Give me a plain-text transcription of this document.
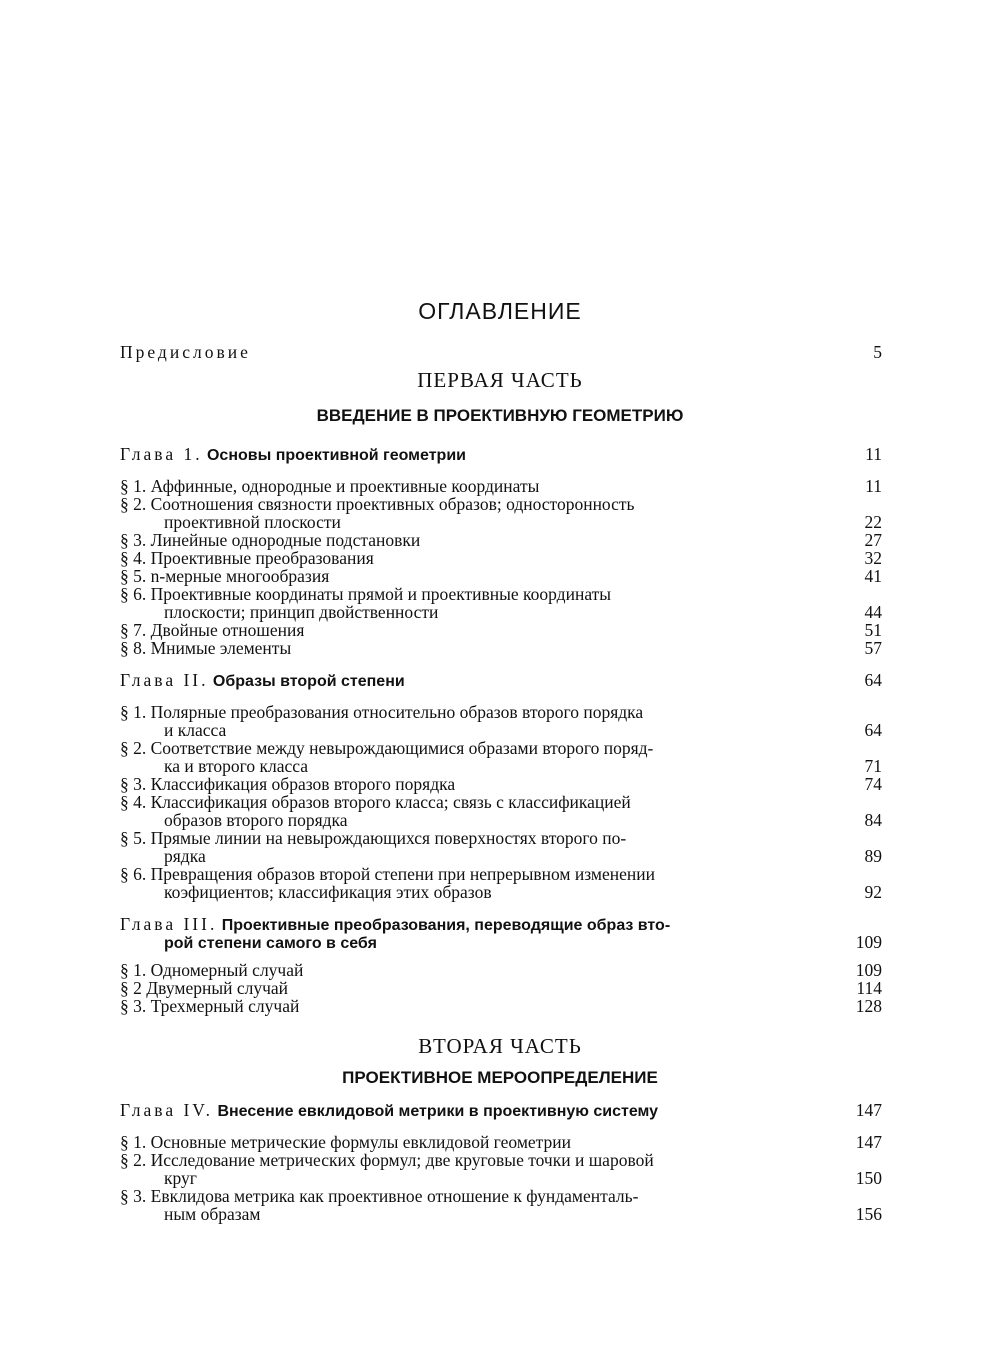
ОГЛАВЛЕНИЕ
Предисловие	5
ПЕРВАЯ ЧАСТЬ
ВВЕДЕНИЕ В ПРОЕКТИВНУЮ ГЕОМЕТРИЮ
Глава 1. Основы проективной геометрии	11
§ 1. Аффинные, однородные и проективные координаты	11
§ 2. Соотношения связности проективных образов; односторонность
проективной плоскости	22
§ 3. Линейные однородные подстановки	27
§ 4. Проективные преобразования	32
§ 5. n-мерные многообразия	41
§ 6. Проективные координаты прямой и проективные координаты
плоскости; принцип двойственности	44
§ 7. Двойные отношения	51
§ 8. Мнимые элементы	57
Глава II. Образы второй степени	64
§ 1. Полярные преобразования относительно образов второго порядка
и класса	64
§ 2. Соответствие между невырождающимися образами второго поряд-
ка и второго класса	71
§ 3. Классификация образов второго порядка	74
§ 4. Классификация образов второго класса; связь с классификацией
образов второго порядка	84
§ 5. Прямые линии на невырождающихся поверхностях второго по-
рядка	89
§ 6. Превращения образов второй степени при непрерывном изменении
коэфициентов; классификация этих образов	92
Глава III. Проективные преобразования, переводящие образ вто-
рой степени самого в себя	109
§ 1. Одномерный случай	109
§ 2 Двумерный случай	114
§ 3. Трехмерный случай	128
ВТОРАЯ ЧАСТЬ
ПРОЕКТИВНОЕ МЕРООПРЕДЕЛЕНИЕ
Глава IV. Внесение евклидовой метрики в проективную систему	147
§ 1. Основные метрические формулы евклидовой геометрии	147
§ 2. Исследование метрических формул; две круговые точки и шаровой
круг	150
§ 3. Евклидова метрика как проективное отношение к фундаменталь-
ным образам	156
